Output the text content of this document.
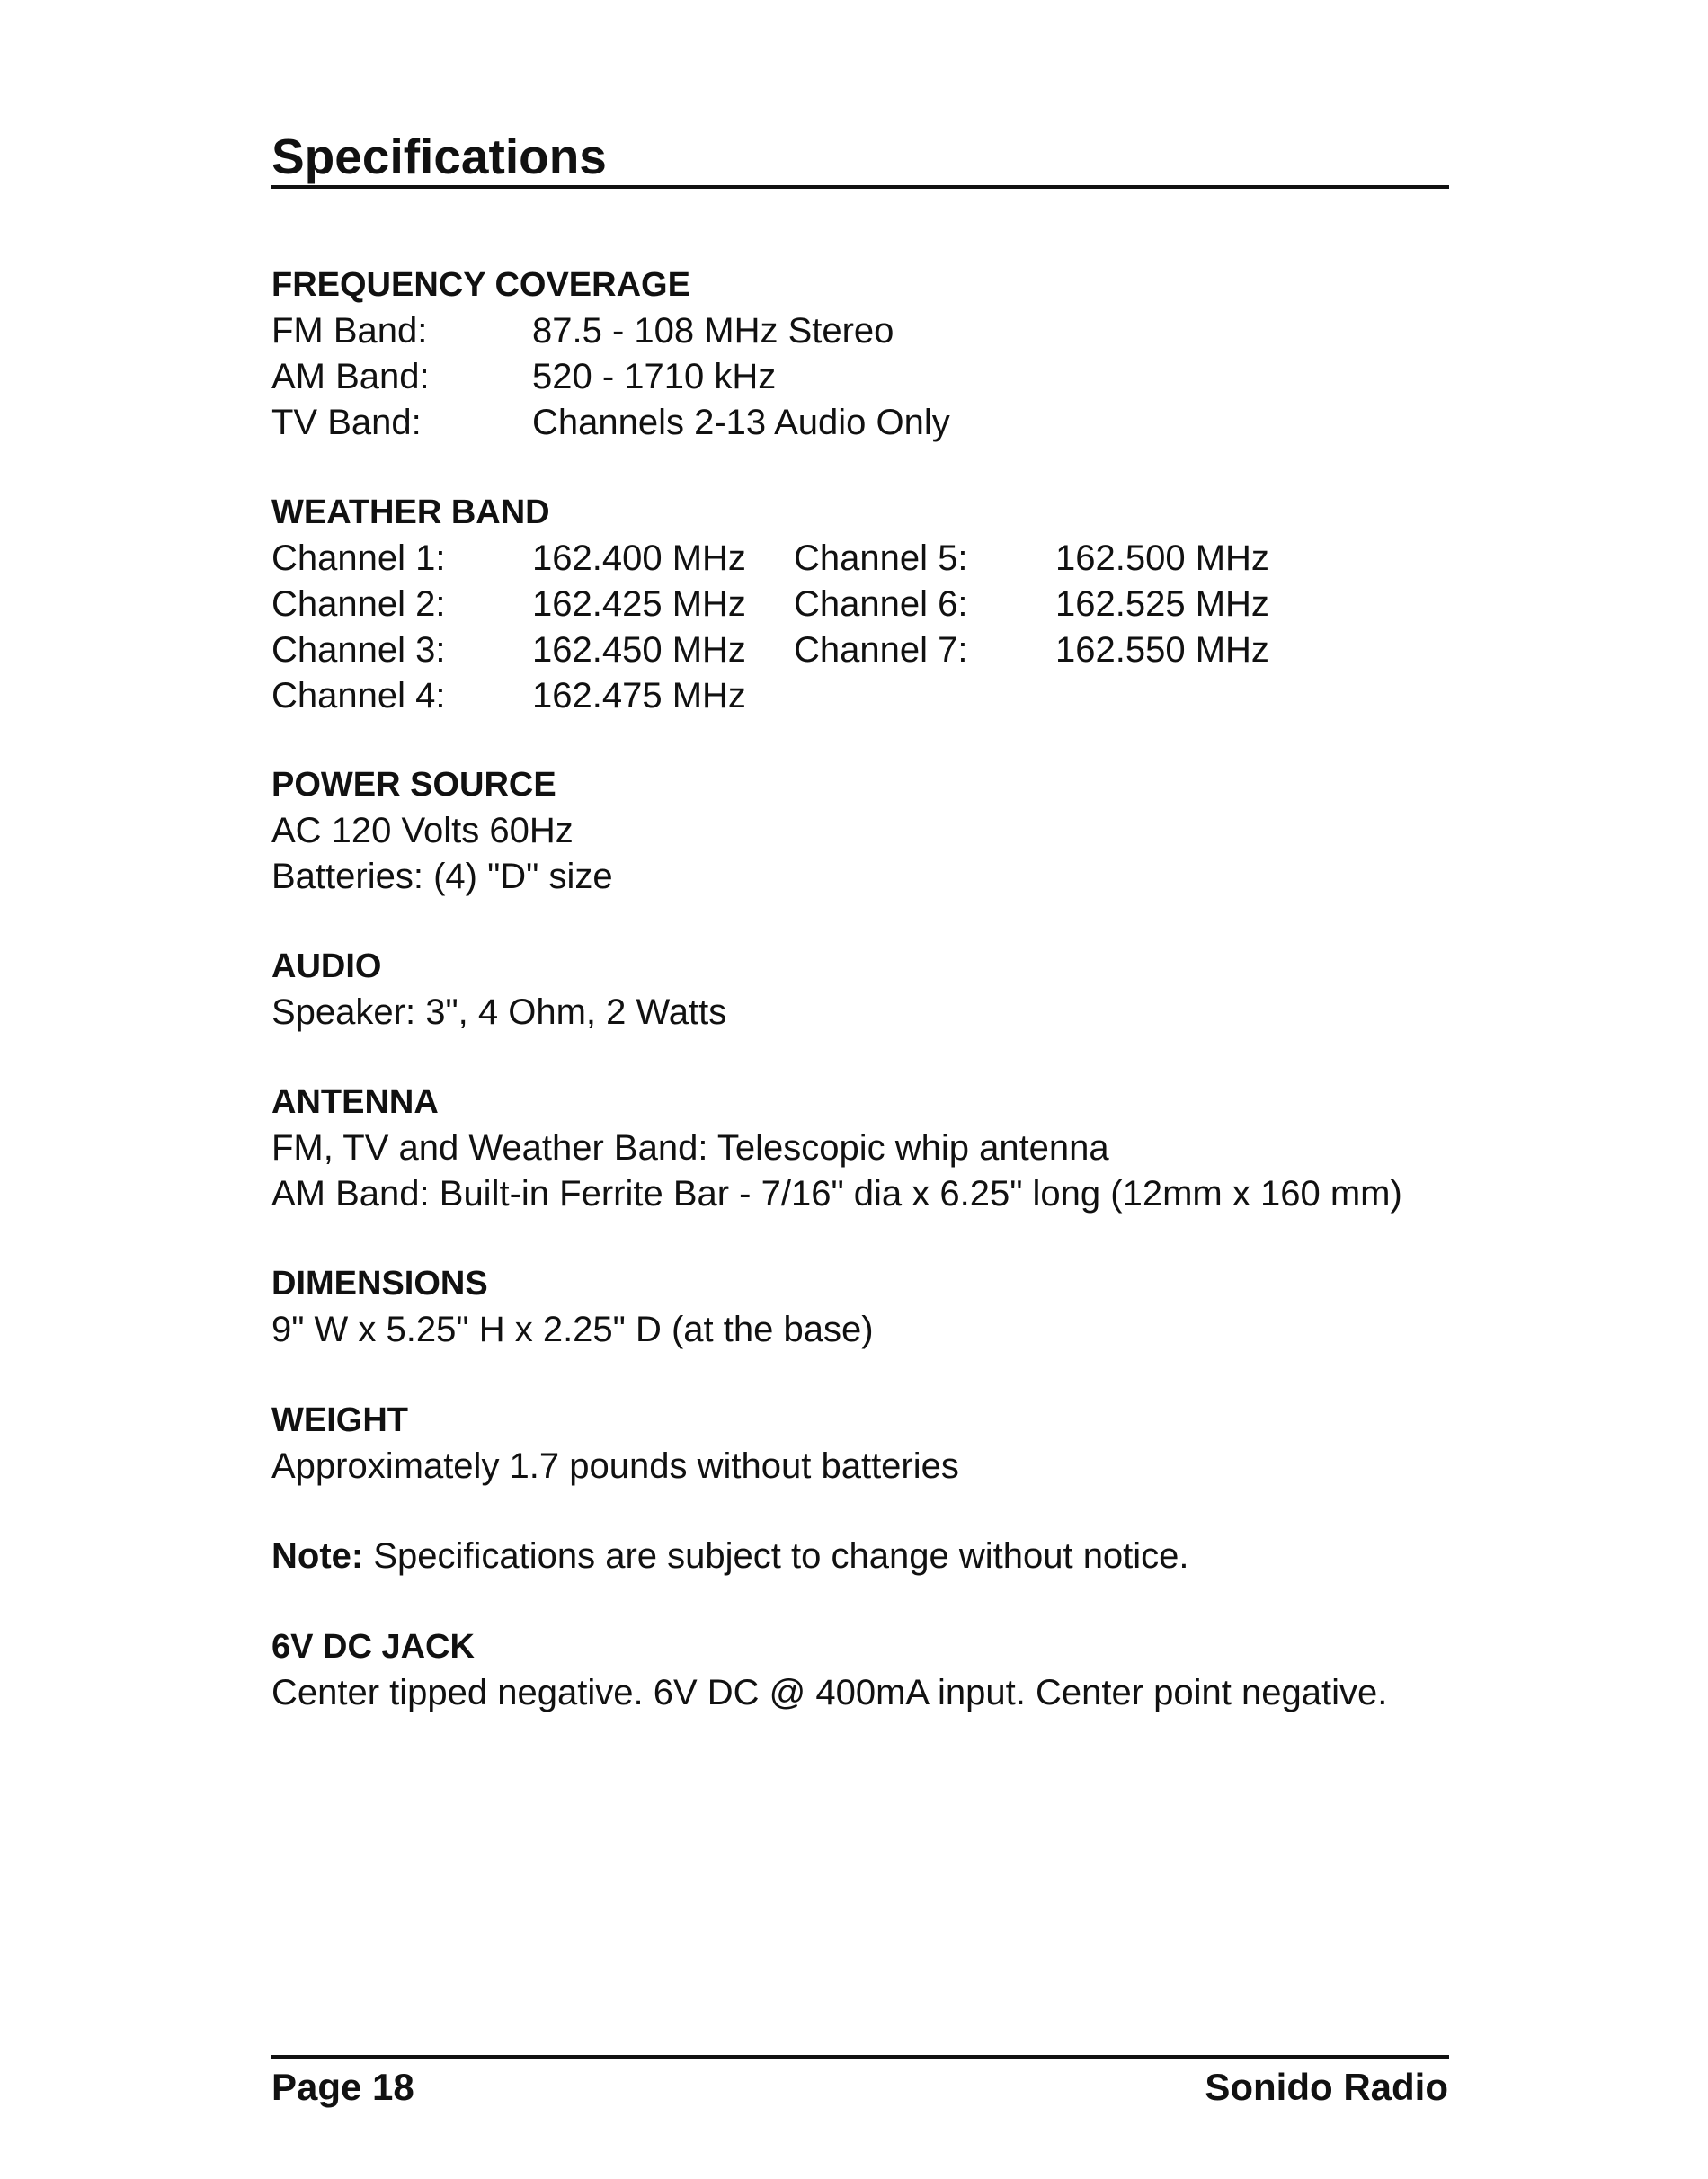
Specifications
FREQUENCY COVERAGE
FM Band:	87.5 - 108 MHz Stereo
AM Band:	520 - 1710 kHz
TV Band:	Channels 2-13 Audio Only
WEATHER BAND
Channel 1: 162.400 MHz Channel 5: 162.500 MHz
Channel 2: 162.425 MHz Channel 6: 162.525 MHz
Channel 3: 162.450 MHz Channel 7: 162.550 MHz
Channel 4: 162.475 MHz
POWER SOURCE
AC 120 Volts 60Hz
Batteries: (4) "D" size
AUDIO
Speaker: 3", 4 Ohm, 2 Watts
ANTENNA
FM, TV and Weather Band: Telescopic whip antenna
AM Band: Built-in Ferrite Bar - 7/16" dia x 6.25" long (12mm x 160 mm)
DIMENSIONS
9" W x 5.25" H x 2.25" D (at the base)
WEIGHT
Approximately 1.7 pounds without batteries
Note: Specifications are subject to change without notice.
6V DC JACK
Center tipped negative. 6V DC @ 400mA input. Center point negative.
Page 18	Sonido Radio
